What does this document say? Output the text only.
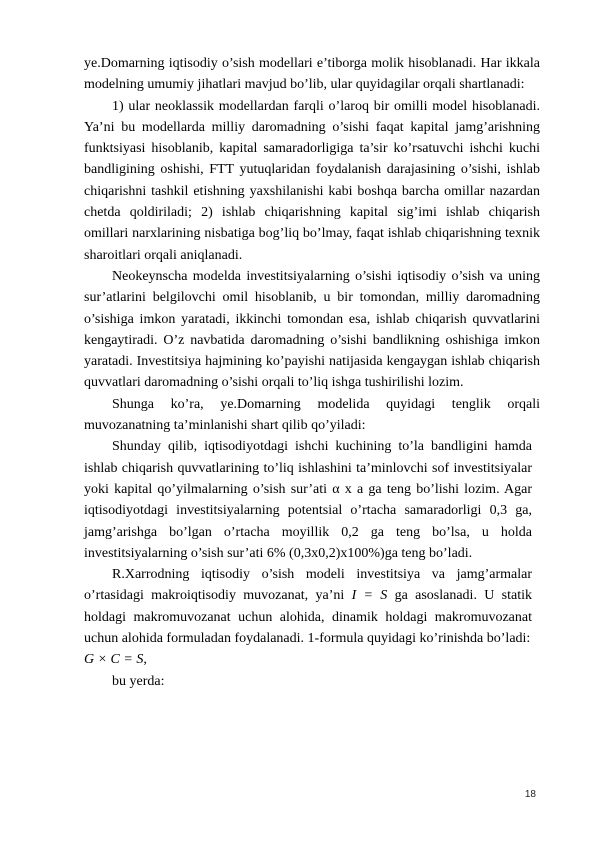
ye.Domarning iqtisodiy o’sish modellari e’tiborga molik hisoblanadi. Har ikkala modelning umumiy jihatlari mavjud bo’lib, ular quyidagilar orqali shartlanadi:

1) ular neoklassik modellardan farqli o’laroq bir omilli model hisoblanadi. Ya’ni bu modellarda milliy daromadning o’sishi faqat kapital jamg’arishning funktsiyasi hisoblanib, kapital samaradorligiga ta’sir ko’rsatuvchi ishchi kuchi bandligining oshishi, FTT yutuqlaridan foydalanish darajasining o’sishi, ishlab chiqarishni tashkil etishning yaxshilanishi kabi boshqa barcha omillar nazardan chetda qoldiriladi; 2) ishlab chiqarishning kapital sig’imi ishlab chiqarish omillari narxlarining nisbatiga bog’liq bo’lmay, faqat ishlab chiqarishning texnik sharoitlari orqali aniqlanadi.

Neokeynscha modelda investitsiyalarning o’sishi iqtisodiy o’sish va uning sur’atlarini belgilovchi omil hisoblanib, u bir tomondan, milliy daromadning o’sishiga imkon yaratadi, ikkinchi tomondan esa, ishlab chiqarish quvvatlarini kengaytiradi. O’z navbatida daromadning o’sishi bandlikning oshishiga imkon yaratadi. Investitsiya hajmining ko’payishi natijasida kengaygan ishlab chiqarish quvvatlari daromadning o’sishi orqali to’liq ishga tushirilishi lozim.

Shunga ko’ra, ye.Domarning modelida quyidagi tenglik orqali muvozanatning ta’minlanishi shart qilib qo’yiladi:

Shunday qilib, iqtisodiyotdagi ishchi kuchining to’la bandligini hamda ishlab chiqarish quvvatlarining to’liq ishlashini ta’minlovchi sof investitsiyalar yoki kapital qo’yilmalarning o’sish sur’ati α x a ga teng bo’lishi lozim. Agar iqtisodiyotdagi investitsiyalarning potentsial o’rtacha samaradorligi 0,3 ga, jamg’arishga bo’lgan o’rtacha moyillik 0,2 ga teng bo’lsa, u holda investitsiyalarning o’sish sur’ati 6% (0,3x0,2)x100%)ga teng bo’ladi.

R.Xarrodning iqtisodiy o’sish modeli investitsiya va jamg’armalar o’rtasidagi makroiqtisodiy muvozanat, ya’ni I = S ga asoslanadi. U statik holdagi makromuvozanat uchun alohida, dinamik holdagi makromuvozanat uchun alohida formuladan foydalanadi. 1-formula quyidagi ko’rinishda bo’ladi:

G × C = S,

bu yerda:

18
